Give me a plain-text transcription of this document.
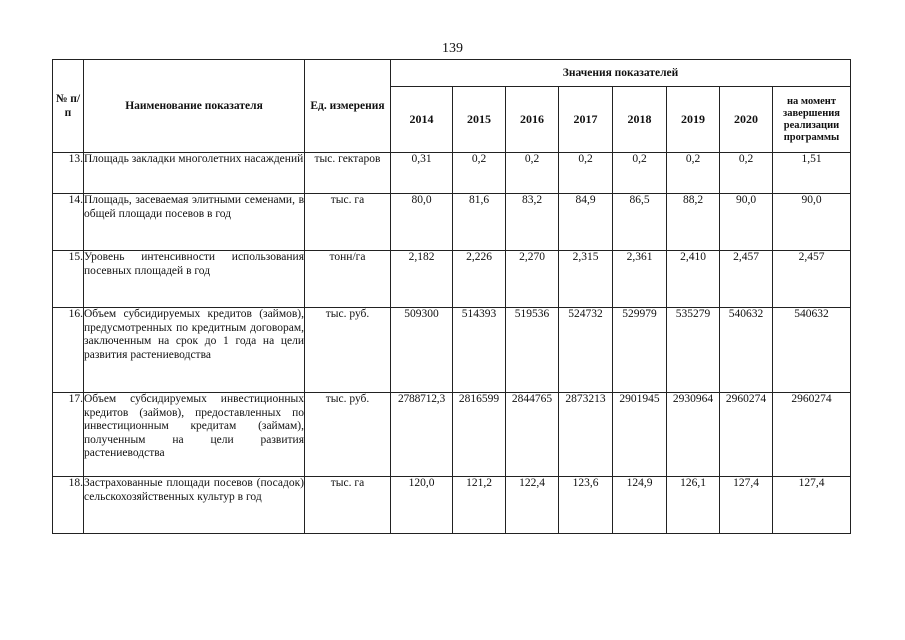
139
№ п/п	Наименование показателя	Ед. измерения	Значения показателей							
			2014	2015	2016	2017	2018	2019	2020	на момент завершения реализации программы
13.	Площадь закладки многолетних насаждений	тыс. гектаров	0,31	0,2	0,2	0,2	0,2	0,2	0,2	1,51
14.	Площадь, засеваемая элитными семенами, в общей площади посевов в год	тыс. га	80,0	81,6	83,2	84,9	86,5	88,2	90,0	90,0
15.	Уровень интенсивности использования посевных площадей в год	тонн/га	2,182	2,226	2,270	2,315	2,361	2,410	2,457	2,457
16.	Объем субсидируемых кредитов (займов), предусмотренных по кредитным договорам, заключенным на срок до 1 года на цели развития растениеводства	тыс. руб.	509300	514393	519536	524732	529979	535279	540632	540632
17.	Объем субсидируемых инвестиционных кредитов (займов), предоставленных по инвестиционным кредитам (займам), полученным на цели развития растениеводства	тыс. руб.	2788712,3	2816599	2844765	2873213	2901945	2930964	2960274	2960274
18.	Застрахованные площади посевов (посадок) сельскохозяйственных культур в год	тыс. га	120,0	121,2	122,4	123,6	124,9	126,1	127,4	127,4
